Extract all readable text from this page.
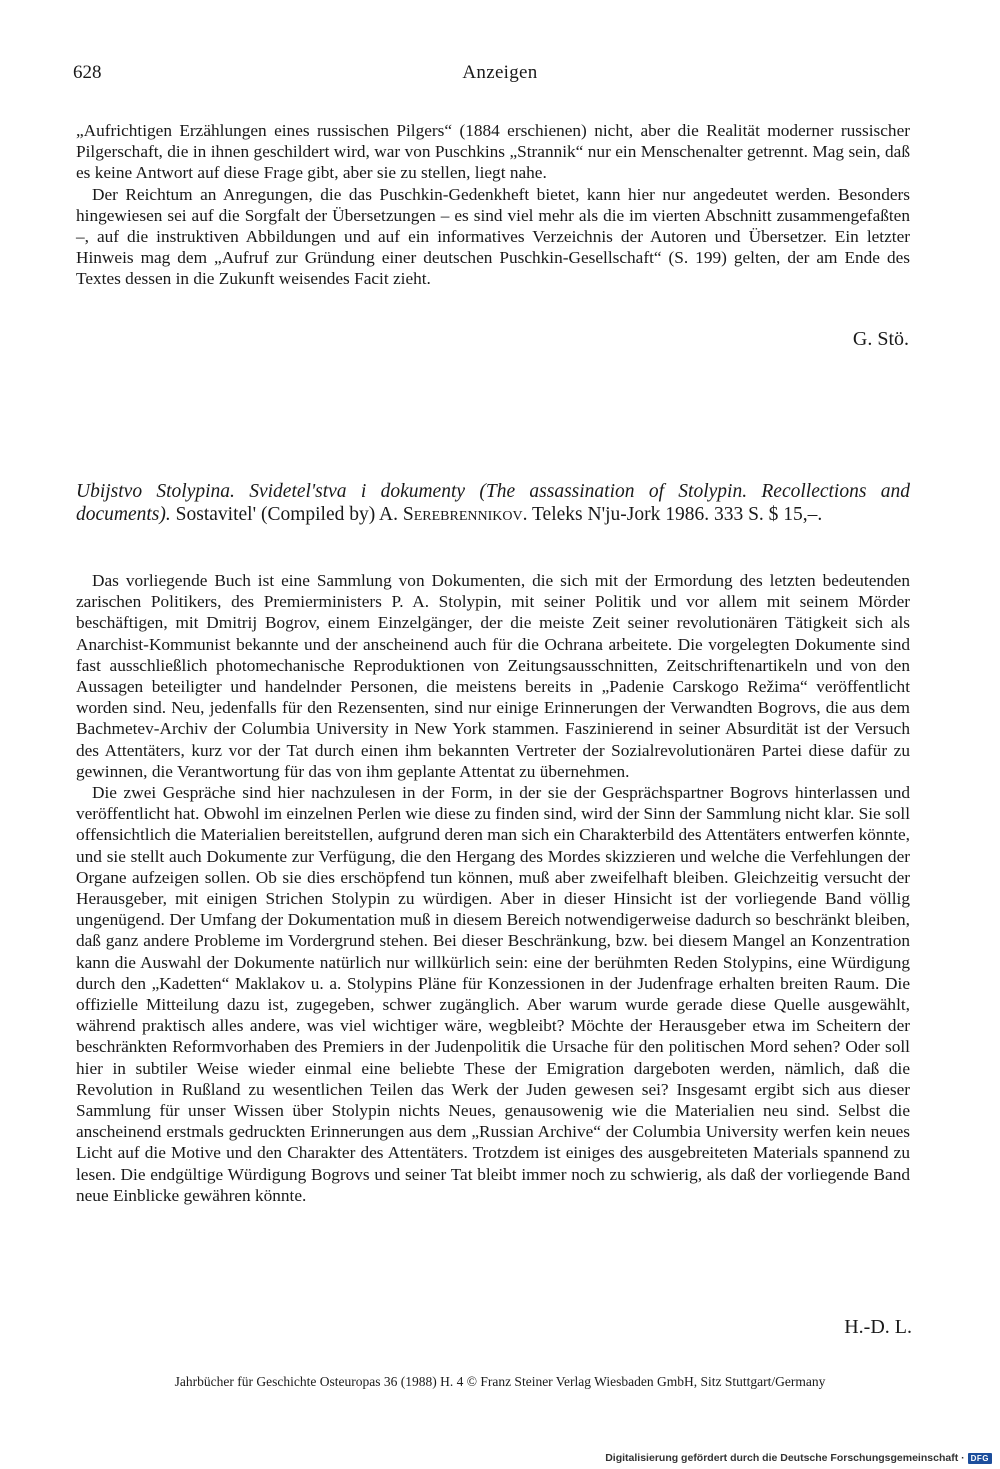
628	Anzeigen

„Aufrichtigen Erzählungen eines russischen Pilgers“ (1884 erschienen) nicht, aber die Realität moderner russischer Pilgerschaft, die in ihnen geschildert wird, war von Puschkins „Strannik“ nur ein Menschenalter getrennt. Mag sein, daß es keine Antwort auf diese Frage gibt, aber sie zu stellen, liegt nahe.

Der Reichtum an Anregungen, die das Puschkin-Gedenkheft bietet, kann hier nur angedeutet werden. Besonders hingewiesen sei auf die Sorgfalt der Übersetzungen – es sind viel mehr als die im vierten Abschnitt zusammengefaßten –, auf die instruktiven Abbildungen und auf ein informatives Verzeichnis der Autoren und Übersetzer. Ein letzter Hinweis mag dem „Aufruf zur Gründung einer deutschen Puschkin-Gesellschaft“ (S. 199) gelten, der am Ende des Textes dessen in die Zukunft weisendes Facit zieht.

G. Stö.
Ubijstvo Stolypina. Svidetel'stva i dokumenty (The assassination of Stolypin. Recollections and documents). Sostavitel' (Compiled by) A. Serebrennikov. Teleks N'ju-Jork 1986. 333 S. $ 15,–.

Das vorliegende Buch ist eine Sammlung von Dokumenten, die sich mit der Ermordung des letzten bedeutenden zarischen Politikers, des Premierministers P. A. Stolypin, mit seiner Politik und vor allem mit seinem Mörder beschäftigen, mit Dmitrij Bogrov, einem Einzelgänger, der die meiste Zeit seiner revolutionären Tätigkeit sich als Anarchist-Kommunist bekannte und der anscheinend auch für die Ochrana arbeitete. Die vorgelegten Dokumente sind fast ausschließlich photomechanische Reproduktionen von Zeitungsausschnitten, Zeitschriftenartikeln und von den Aussagen beteiligter und handelnder Personen, die meistens bereits in „Padenie Carskogo Režima“ veröffentlicht worden sind. Neu, jedenfalls für den Rezensenten, sind nur einige Erinnerungen der Verwandten Bogrovs, die aus dem Bachmetev-Archiv der Columbia University in New York stammen. Faszinierend in seiner Absurdität ist der Versuch des Attentäters, kurz vor der Tat durch einen ihm bekannten Vertreter der Sozialrevolutionären Partei diese dafür zu gewinnen, die Verantwortung für das von ihm geplante Attentat zu übernehmen.

Die zwei Gespräche sind hier nachzulesen in der Form, in der sie der Gesprächspartner Bogrovs hinterlassen und veröffentlicht hat. Obwohl im einzelnen Perlen wie diese zu finden sind, wird der Sinn der Sammlung nicht klar. Sie soll offensichtlich die Materialien bereitstellen, aufgrund deren man sich ein Charakterbild des Attentäters entwerfen könnte, und sie stellt auch Dokumente zur Verfügung, die den Hergang des Mordes skizzieren und welche die Verfehlungen der Organe aufzeigen sollen. Ob sie dies erschöpfend tun können, muß aber zweifelhaft bleiben. Gleichzeitig versucht der Herausgeber, mit einigen Strichen Stolypin zu würdigen. Aber in dieser Hinsicht ist der vorliegende Band völlig ungenügend. Der Umfang der Dokumentation muß in diesem Bereich notwendigerweise dadurch so beschränkt bleiben, daß ganz andere Probleme im Vordergrund stehen. Bei dieser Beschränkung, bzw. bei diesem Mangel an Konzentration kann die Auswahl der Dokumente natürlich nur willkürlich sein: eine der berühmten Reden Stolypins, eine Würdigung durch den „Kadetten“ Maklakov u. a. Stolypins Pläne für Konzessionen in der Judenfrage erhalten breiten Raum. Die offizielle Mitteilung dazu ist, zugegeben, schwer zugänglich. Aber warum wurde gerade diese Quelle ausgewählt, während praktisch alles andere, was viel wichtiger wäre, wegbleibt? Möchte der Herausgeber etwa im Scheitern der beschränkten Reformvorhaben des Premiers in der Judenpolitik die Ursache für den politischen Mord sehen? Oder soll hier in subtiler Weise wieder einmal eine beliebte These der Emigration dargeboten werden, nämlich, daß die Revolution in Rußland zu wesentlichen Teilen das Werk der Juden gewesen sei? Insgesamt ergibt sich aus dieser Sammlung für unser Wissen über Stolypin nichts Neues, genausowenig wie die Materialien neu sind. Selbst die anscheinend erstmals gedruckten Erinnerungen aus dem „Russian Archive“ der Columbia University werfen kein neues Licht auf die Motive und den Charakter des Attentäters. Trotzdem ist einiges des ausgebreiteten Materials spannend zu lesen. Die endgültige Würdigung Bogrovs und seiner Tat bleibt immer noch zu schwierig, als daß der vorliegende Band neue Einblicke gewähren könnte.

H.-D. L.
Jahrbücher für Geschichte Osteuropas 36 (1988) H. 4 © Franz Steiner Verlag Wiesbaden GmbH, Sitz Stuttgart/Germany
Digitalisierung gefördert durch die Deutsche Forschungsgemeinschaft · DFG
